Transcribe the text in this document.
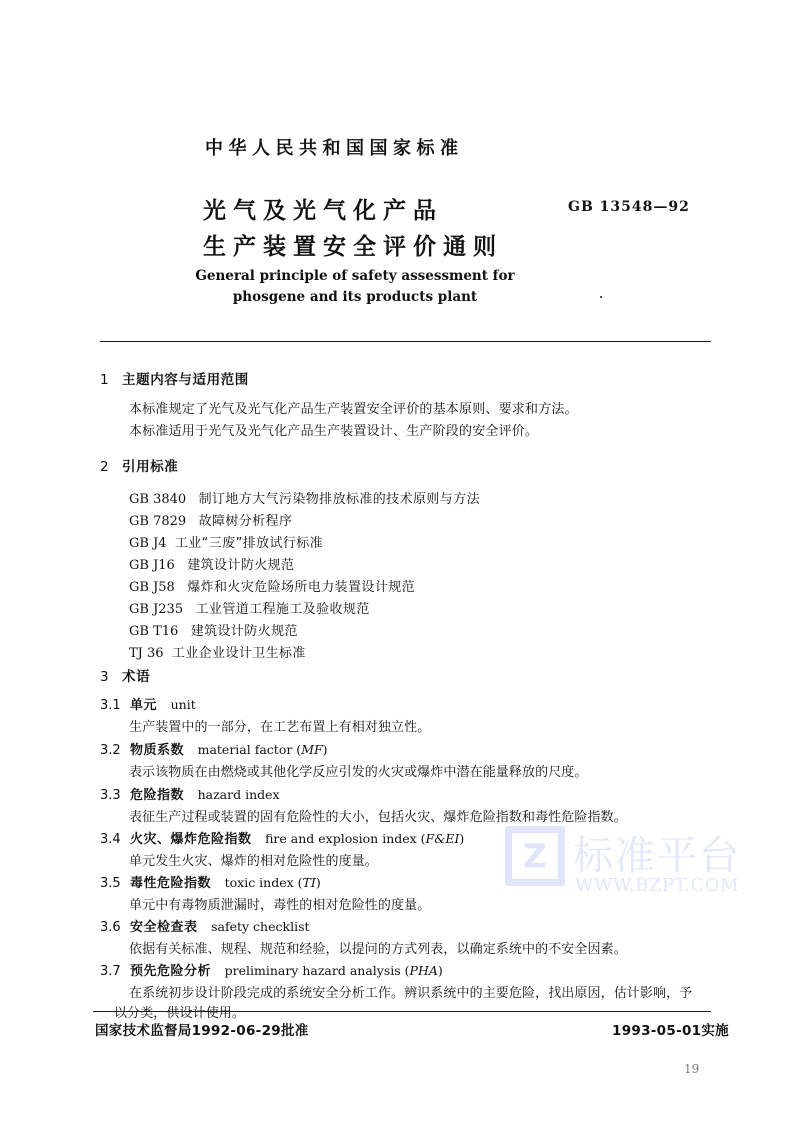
Z 标准平台
WWW.BZPT.COM
中华人民共和国国家标准
光气及光气化产品
生产装置安全评价通则
GB 13548—92
General principle of safety assessment for
phosgene and its products plant
1 主题内容与适用范围
本标准规定了光气及光气化产品生产装置安全评价的基本原则、要求和方法。
本标准适用于光气及光气化产品生产装置设计、生产阶段的安全评价。
2 引用标准
GB 3840 制订地方大气污染物排放标准的技术原则与方法
GB 7829 故障树分析程序
GB J4 工业“三废”排放试行标准
GB J16 建筑设计防火规范
GB J58 爆炸和火灾危险场所电力装置设计规范
GB J235 工业管道工程施工及验收规范
GB T16 建筑设计防火规范
TJ 36 工业企业设计卫生标准
3 术语
3.1 单元 unit
生产装置中的一部分，在工艺布置上有相对独立性。
3.2 物质系数 material factor (MF)
表示该物质在由燃烧或其他化学反应引发的火灾或爆炸中潜在能量释放的尺度。
3.3 危险指数 hazard index
表征生产过程或装置的固有危险性的大小，包括火灾、爆炸危险指数和毒性危险指数。
3.4 火灾、爆炸危险指数 fire and explosion index (F&EI)
单元发生火灾、爆炸的相对危险性的度量。
3.5 毒性危险指数 toxic index (TI)
单元中有毒物质泄漏时，毒性的相对危险性的度量。
3.6 安全检查表 safety checklist
依据有关标准、规程、规范和经验，以提问的方式列表，以确定系统中的不安全因素。
3.7 预先危险分析 preliminary hazard analysis (PHA)
在系统初步设计阶段完成的系统安全分析工作。辨识系统中的主要危险，找出原因，估计影响，予
以分类，供设计使用。
国家技术监督局1992-06-29批准	1993-05-01实施
19
